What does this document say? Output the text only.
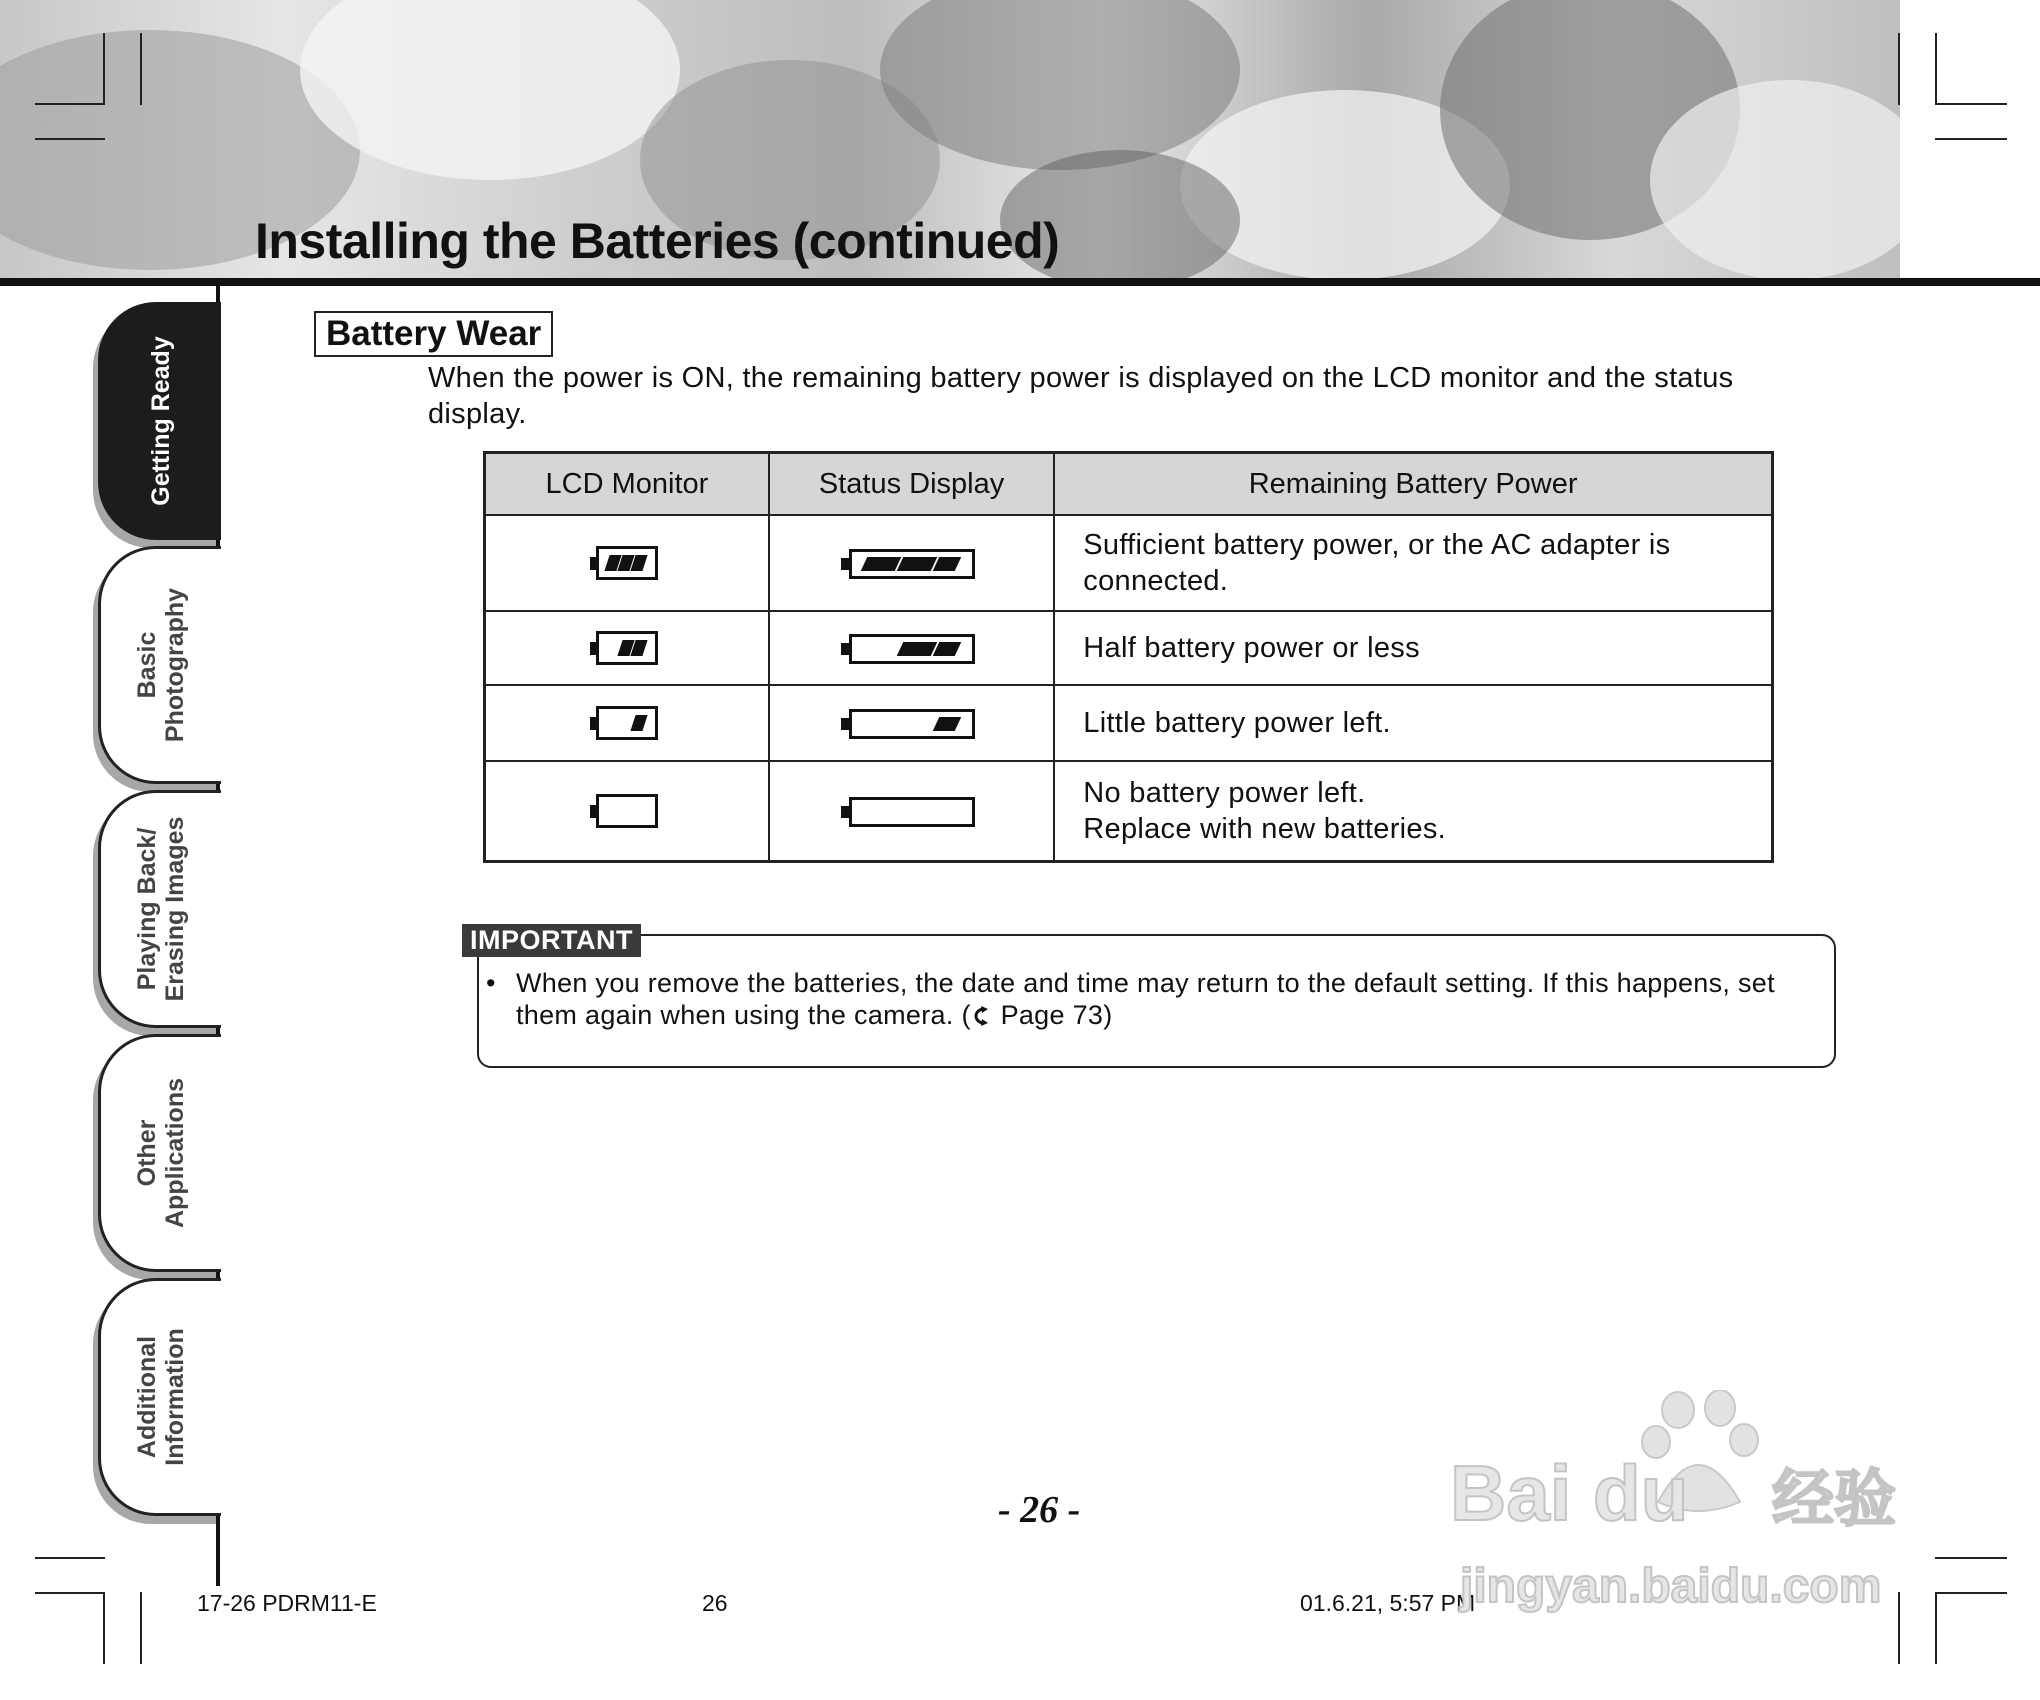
Installing the Batteries (continued)
Getting Ready
Basic Photography
Playing Back/ Erasing Images
Other Applications
Additional Information
Battery Wear
When the power is ON, the remaining battery power is displayed on the LCD monitor and the status display.
LCD Monitor	Status Display	Remaining Battery Power

		Sufficient battery power, or the AC adapter is
connected.

		Half battery power or less

		Little battery power left.

		No battery power left.
Replace with new batteries.
IMPORTANT
• When you remove the batteries, the date and time may return to the default setting. If this happens, set them again when using the camera. ( Page 73)
- 26 -
17-26 PDRM11-E	26	01.6.21, 5:57 PM
Bai du 经验
jingyan.baidu.com
